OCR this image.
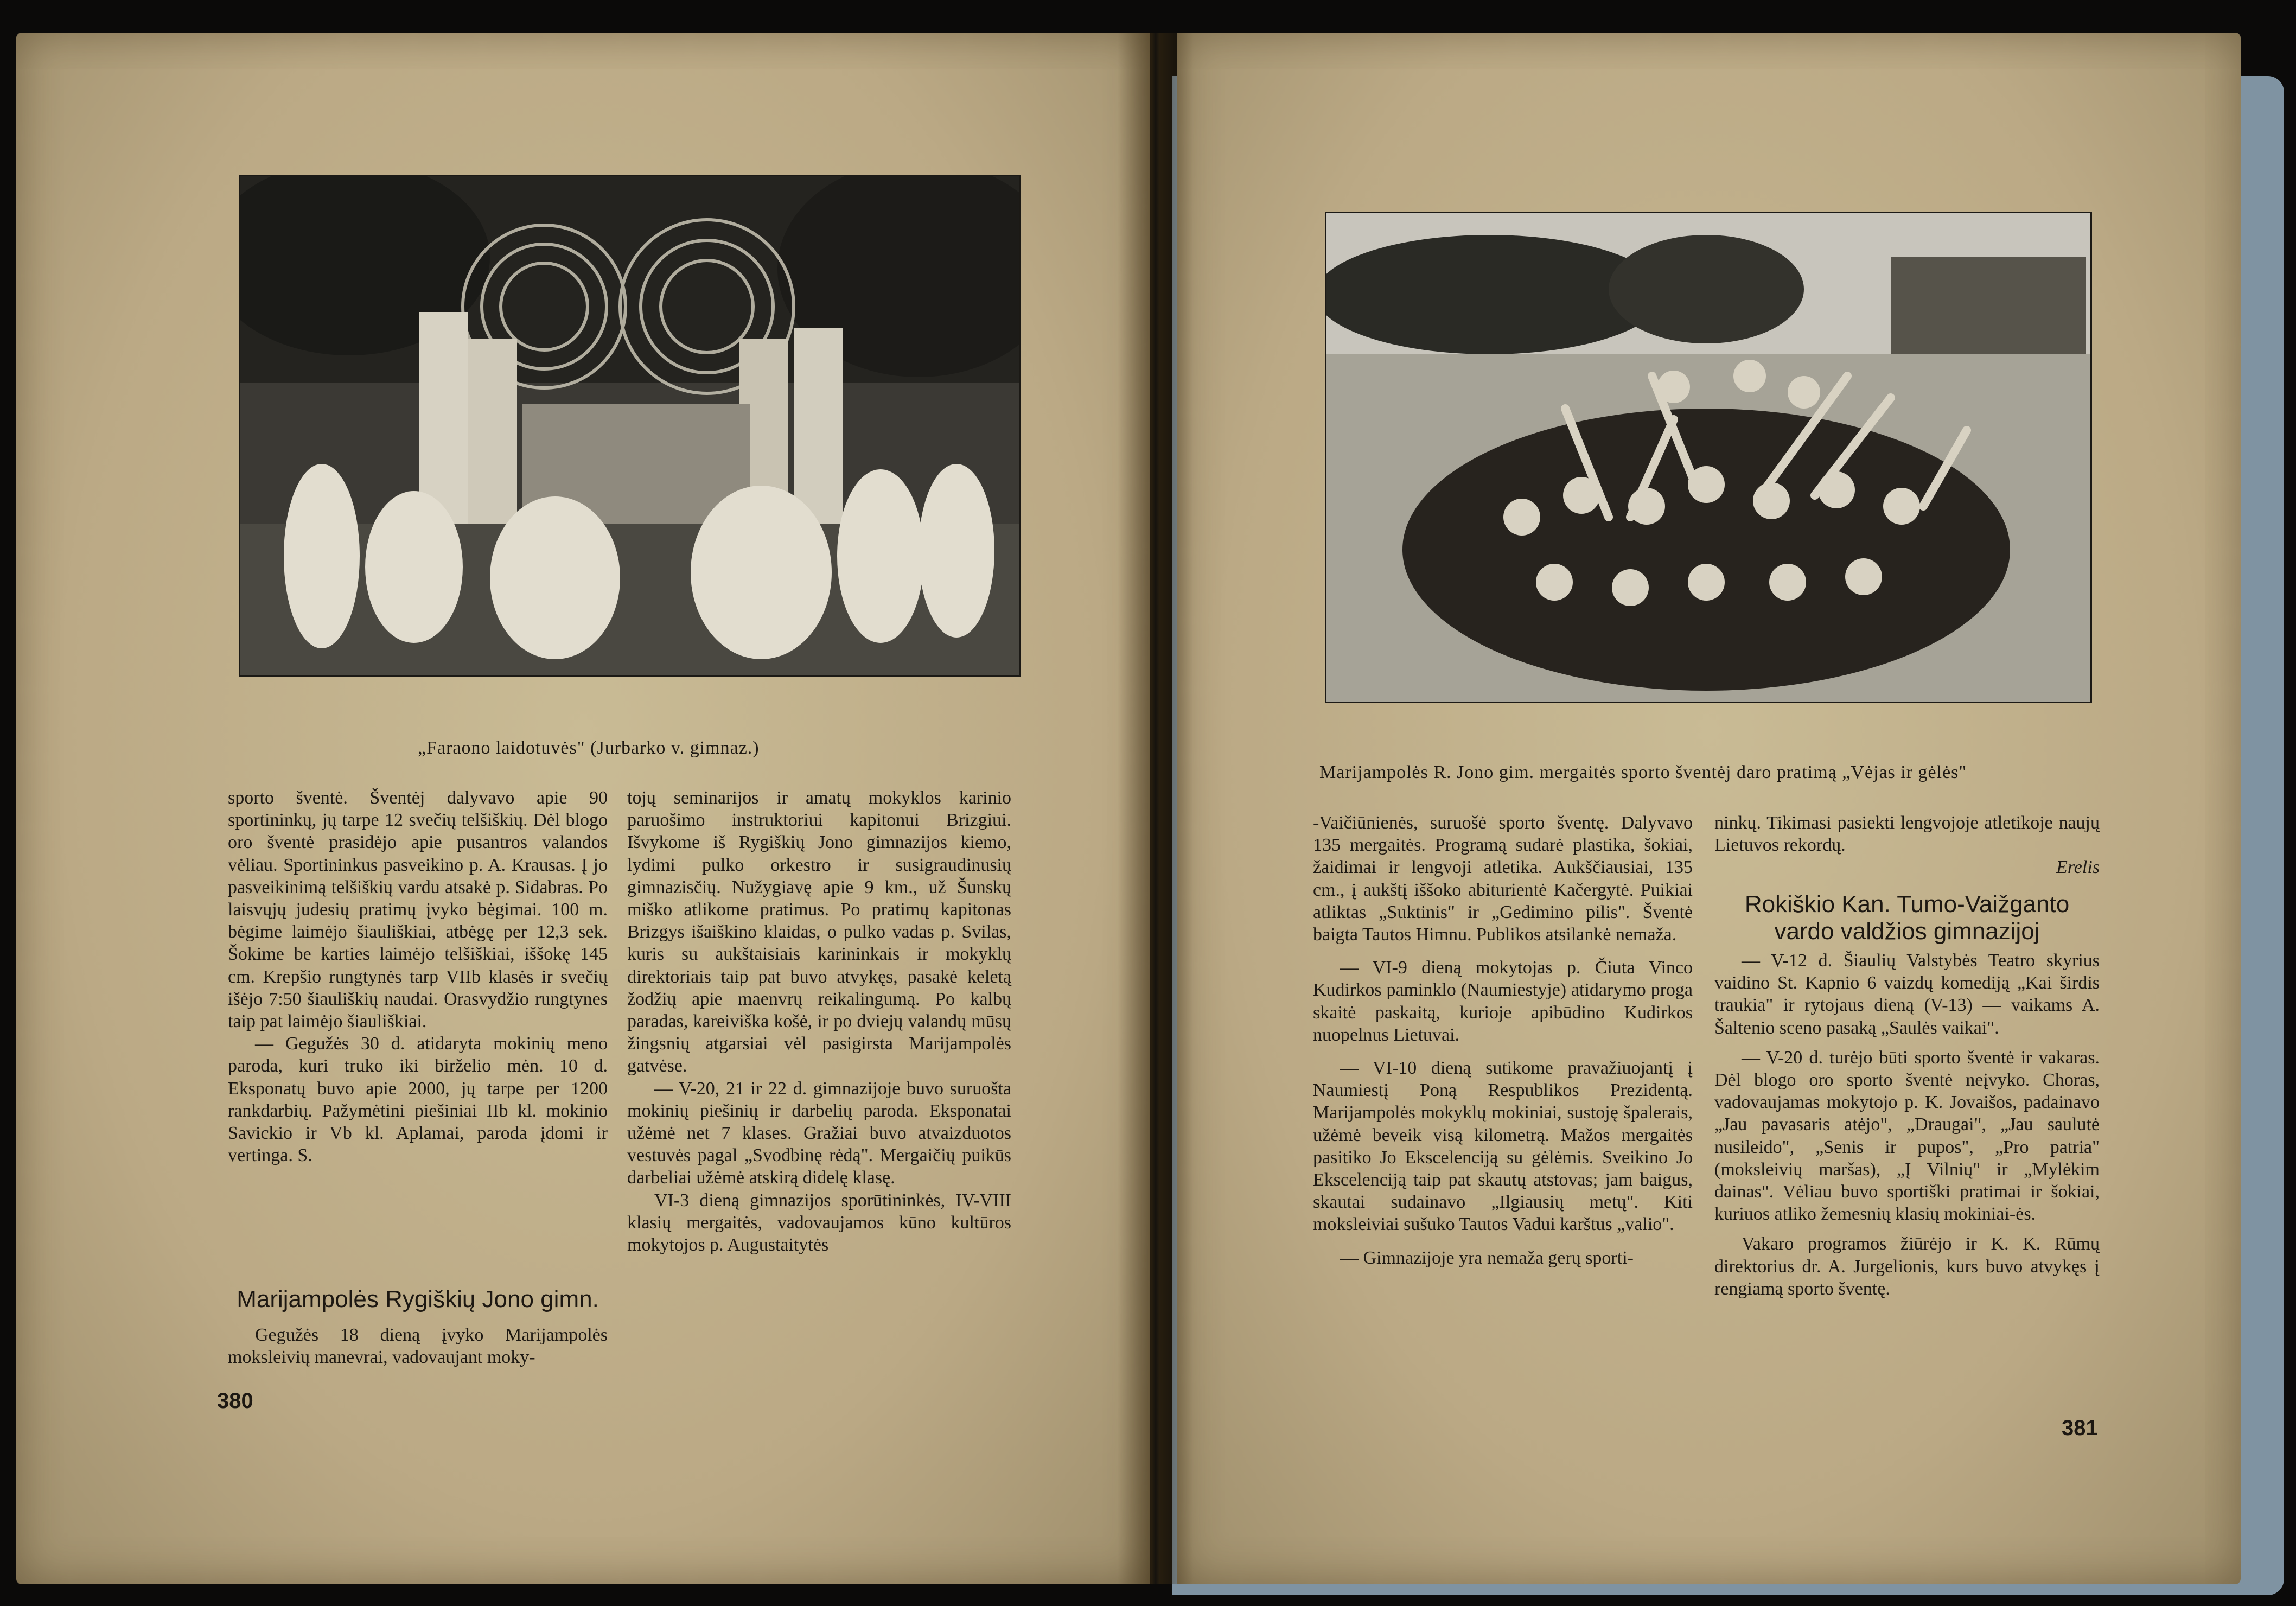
„Faraono laidotuvės" (Jurbarko v. gimnaz.)

sporto šventė. Šventėj dalyvavo apie 90 sportininkų, jų tarpe 12 svečių telšiškių. Dėl blogo oro šventė prasidėjo apie pusantros valandos vėliau. Sportininkus pasveikino p. A. Krausas. Į jo pasveikinimą telšiškių vardu atsakė p. Sidabras. Po laisvųjų judesių pratimų įvyko bėgimai. 100 m. bėgime laimėjo šiauliškiai, atbėgę per 12,3 sek. Šokime be karties laimėjo telšiškiai, iššokę 145 cm. Krepšio rungtynės tarp VIIb klasės ir svečių išėjo 7:50 šiauliškių naudai. Orasvydžio rungtynes taip pat laimėjo šiauliškiai.

— Gegužės 30 d. atidaryta mokinių meno paroda, kuri truko iki birželio mėn. 10 d. Eksponatų buvo apie 2000, jų tarpe per 1200 rankdarbių. Pažymėtini piešiniai IIb kl. mokinio Savickio ir Vb kl. Aplamai, paroda įdomi ir vertinga. S.

Marijampolės Rygiškių Jono gimn.

Gegužės 18 dieną įvyko Marijampolės moksleivių manevrai, vadovaujant moky-

tojų seminarijos ir amatų mokyklos karinio paruošimo instruktoriui kapitonui Brizgiui. Išvykome iš Rygiškių Jono gimnazijos kiemo, lydimi pulko orkestro ir susigraudinusių gimnazisčių. Nužygiavę apie 9 km., už Šunskų miško atlikome pratimus. Po pratimų kapitonas Brizgys išaiškino klaidas, o pulko vadas p. Svilas, kuris su aukštaisiais karininkais ir mokyklų direktoriais taip pat buvo atvykęs, pasakė keletą žodžių apie maenvrų reikalingumą. Po kalbų paradas, kareiviška košė, ir po dviejų valandų mūsų žingsnių atgarsiai vėl pasigirsta Marijampolės gatvėse.

— V-20, 21 ir 22 d. gimnazijoje buvo suruošta mokinių piešinių ir darbelių paroda. Eksponatai užėmė net 7 klases. Gražiai buvo atvaizduotos vestuvės pagal „Svodbinę rėdą". Mergaičių puikūs darbeliai užėmė atskirą didelę klasę.

VI-3 dieną gimnazijos sporūtininkės, IV-VIII klasių mergaitės, vadovaujamos kūno kultūros mokytojos p. Augustaitytės

380
Marijampolės R. Jono gim. mergaitės sporto šventėj daro pratimą „Vėjas ir gėlės"

-Vaičiūnienės, suruošė sporto šventę. Dalyvavo 135 mergaitės. Programą sudarė plastika, šokiai, žaidimai ir lengvoji atletika. Aukščiausiai, 135 cm., į aukštį iššoko abiturientė Kačergytė. Puikiai atliktas „Suktinis" ir „Gedimino pilis". Šventė baigta Tautos Himnu. Publikos atsilankė nemaža.

— VI-9 dieną mokytojas p. Čiuta Vinco Kudirkos paminklo (Naumiestyje) atidarymo proga skaitė paskaitą, kurioje apibūdino Kudirkos nuopelnus Lietuvai.

— VI-10 dieną sutikome pravažiuojantį į Naumiestį Poną Respublikos Prezidentą. Marijampolės mokyklų mokiniai, sustoję špalerais, užėmė beveik visą kilometrą. Mažos mergaitės pasitiko Jo Ekscelenciją su gėlėmis. Sveikino Jo Ekscelenciją taip pat skautų atstovas; jam baigus, skautai sudainavo „Ilgiausių metų". Kiti moksleiviai sušuko Tautos Vadui karštus „valio".

— Gimnazijoje yra nemaža gerų sporti-

ninkų. Tikimasi pasiekti lengvojoje atletikoje naujų Lietuvos rekordų.

Erelis

Rokiškio Kan. Tumo-Vaižganto vardo valdžios gimnazijoj

— V-12 d. Šiaulių Valstybės Teatro skyrius vaidino St. Kapnio 6 vaizdų komediją „Kai širdis traukia" ir rytojaus dieną (V-13) — vaikams A. Šaltenio sceno pasaką „Saulės vaikai".

— V-20 d. turėjo būti sporto šventė ir vakaras. Dėl blogo oro sporto šventė neįvyko. Choras, vadovaujamas mokytojo p. K. Jovaišos, padainavo „Jau pavasaris atėjo", „Draugai", „Jau saulutė nusileido", „Senis ir pupos", „Pro patria" (moksleivių maršas), „Į Vilnių" ir „Mylėkim dainas". Vėliau buvo sportiški pratimai ir šokiai, kuriuos atliko žemesnių klasių mokiniai-ės.

Vakaro programos žiūrėjo ir K. K. Rūmų direktorius dr. A. Jurgelionis, kurs buvo atvykęs į rengiamą sporto šventę.

381
